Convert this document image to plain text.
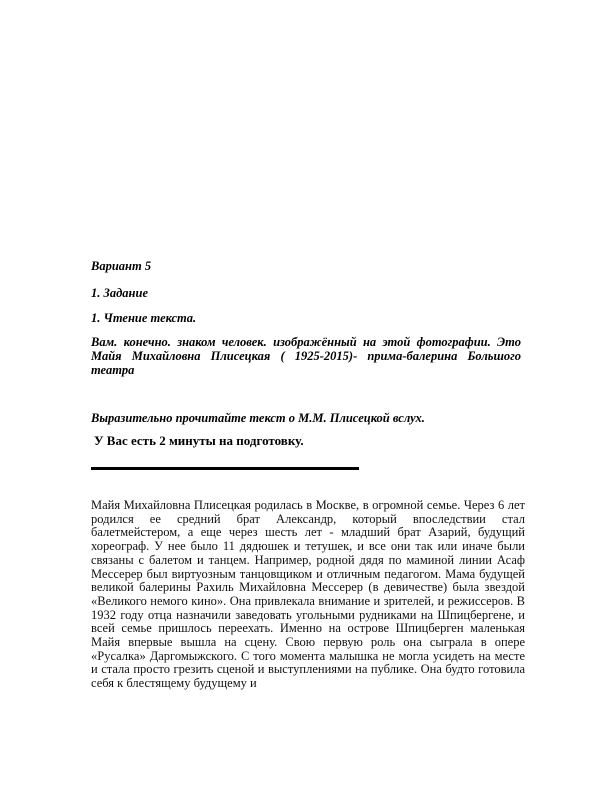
Вариант 5
1. Задание
1. Чтение текста.
Вам. конечно. знаком человек. изображённый на этой фотографии. Это Майя Михайловна Плисецкая ( 1925-2015)- прима-балерина Большого театра
Выразительно прочитайте текст о М.М. Плисецкой вслух.
У Вас есть 2 минуты на подготовку.
Майя Михайловна Плисецкая родилась в Москве, в огромной семье. Через 6 лет родился ее средний брат Александр, который впоследствии стал балетмейстером, а еще через шесть лет - младший брат Азарий, будущий хореограф. У нее было 11 дядюшек и тетушек, и все они так или иначе были связаны с балетом и танцем. Например, родной дядя по маминой линии Асаф Мессерер был виртуозным танцовщиком и отличным педагогом. Мама будущей великой балерины Рахиль Михайловна Мессерер (в девичестве) была звездой «Великого немого кино». Она привлекала внимание и зрителей, и режиссеров. В 1932 году отца назначили заведовать угольными рудниками на Шпицбергене, и всей семье пришлось переехать. Именно на острове Шпицберген маленькая Майя впервые вышла на сцену. Свою первую роль она сыграла в опере «Русалка» Даргомыжского. С того момента малышка не могла усидеть на месте и стала просто грезить сценой и выступлениями на публике. Она будто готовила себя к блестящему будущему и
